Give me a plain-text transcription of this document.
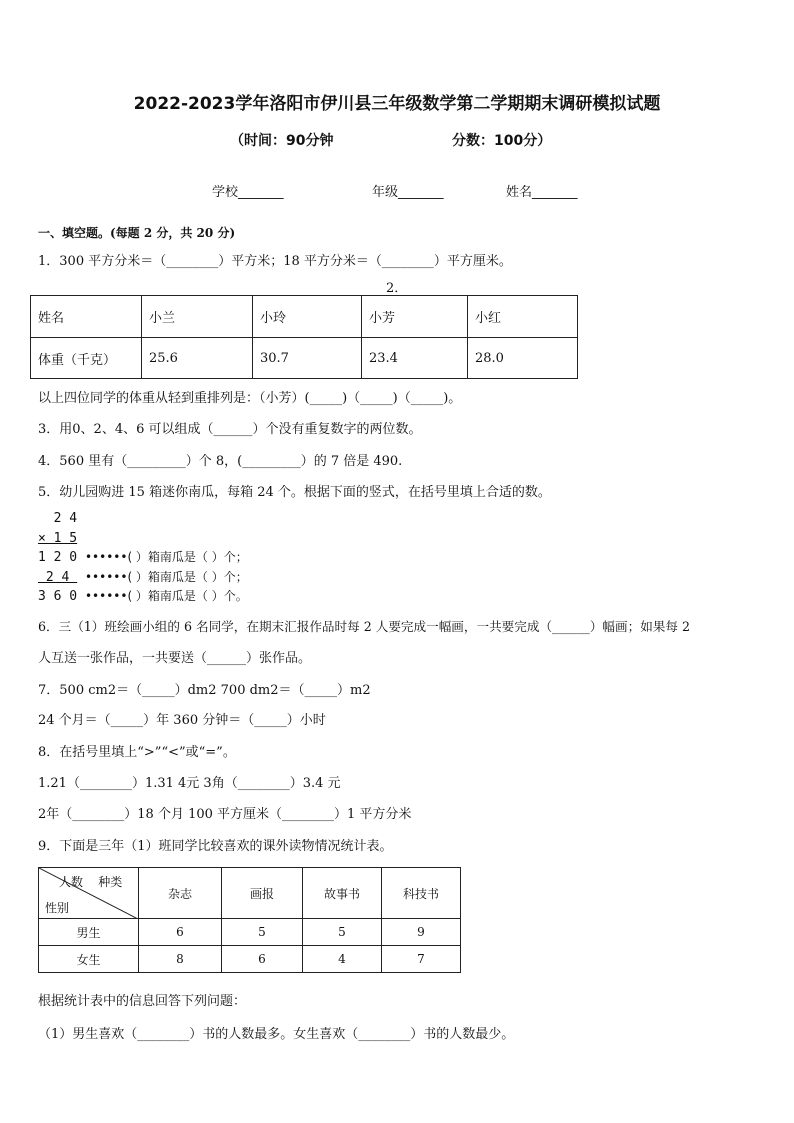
2022-2023学年洛阳市伊川县三年级数学第二学期期末调研模拟试题
（时间：90分钟	分数：100分）
学校_______	年级_______	姓名_______
一、填空题。(每题 2 分，共 20 分)
1．300 平方分米＝（________）平方米；18 平方分米＝（________）平方厘米。
2．
姓名	小兰	小玲	小芳	小红
体重（千克）	25.6	30.7	23.4	28.0
以上四位同学的体重从轻到重排列是：（小芳）(_____)（_____)（_____)。
3．用0、2、4、6 可以组成（______）个没有重复数字的两位数。
4．560 里有（_________）个 8，(_________）的 7 倍是 490.
5．幼儿园购进 15 箱迷你南瓜，每箱 24 个。根据下面的竖式，在括号里填上合适的数。
2 4
× 1 5
1 2 0 ••••••( ）箱南瓜是（ ）个；
2 4  ••••••( ）箱南瓜是（ ）个；
3 6 0 ••••••( ）箱南瓜是（ ）个。
6．三（1）班绘画小组的 6 名同学，在期末汇报作品时每 2 人要完成一幅画，一共要完成（______）幅画；如果每 2
人互送一张作品，一共要送（______）张作品。
7．500 cm2＝（_____）dm2 700 dm2＝（_____）m2
24 个月＝（_____）年 360 分钟＝（_____）小时
8．在括号里填上“>”“<”或“=”。
1.21（________）1.31 4元 3角（________）3.4 元
2年（________）18 个月 100 平方厘米（________）1 平方分米
9．下面是三年（1）班同学比较喜欢的课外读物情况统计表。
人数    种类
性别	杂志	画报	故事书	科技书
男生	6	5	5	9
女生	8	6	4	7
根据统计表中的信息回答下列问题：
（1）男生喜欢（________）书的人数最多。女生喜欢（________）书的人数最少。
